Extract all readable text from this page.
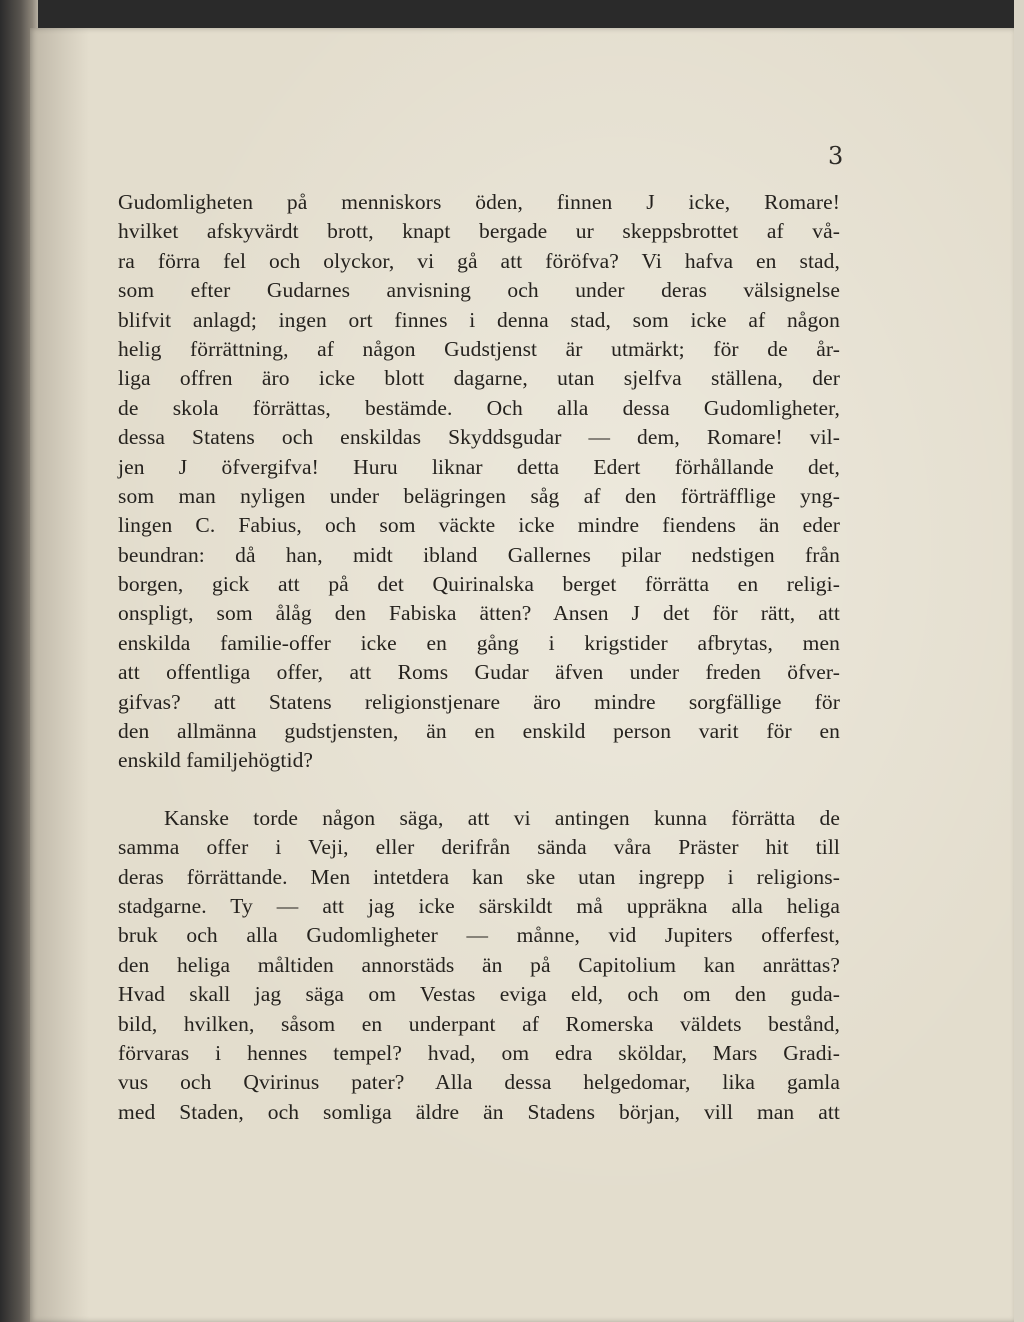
3

Gudomligheten på menniskors öden, finnen J icke, Romare!
hvilket afskyvärdt brott, knapt bergade ur skeppsbrottet af vå-
ra förra fel och olyckor, vi gå att föröfva? Vi hafva en stad,
som efter Gudarnes anvisning och under deras välsignelse
blifvit anlagd; ingen ort finnes i denna stad, som icke af någon
helig förrättning, af någon Gudstjenst är utmärkt; för de år-
liga offren äro icke blott dagarne, utan sjelfva ställena, der
de skola förrättas, bestämde. Och alla dessa Gudomligheter,
dessa Statens och enskildas Skyddsgudar — dem, Romare! vil-
jen J öfvergifva! Huru liknar detta Edert förhållande det,
som man nyligen under belägringen såg af den förträfflige yng-
lingen C. Fabius, och som väckte icke mindre fiendens än eder
beundran: då han, midt ibland Gallernes pilar nedstigen från
borgen, gick att på det Quirinalska berget förrätta en religi-
onspligt, som ålåg den Fabiska ätten? Ansen J det för rätt, att
enskilda familie-offer icke en gång i krigstider afbrytas, men
att offentliga offer, att Roms Gudar äfven under freden öfver-
gifvas? att Statens religionstjenare äro mindre sorgfällige för
den allmänna gudstjensten, än en enskild person varit för en
enskild familjehögtid?

Kanske torde någon säga, att vi antingen kunna förrätta de
samma offer i Veji, eller derifrån sända våra Präster hit till
deras förrättande. Men intetdera kan ske utan ingrepp i religions-
stadgarne. Ty — att jag icke särskildt må uppräkna alla heliga
bruk och alla Gudomligheter — månne, vid Jupiters offerfest,
den heliga måltiden annorstäds än på Capitolium kan anrättas?
Hvad skall jag säga om Vestas eviga eld, och om den guda-
bild, hvilken, såsom en underpant af Romerska väldets bestånd,
förvaras i hennes tempel? hvad, om edra sköldar, Mars Gradi-
vus och Qvirinus pater? Alla dessa helgedomar, lika gamla
med Staden, och somliga äldre än Stadens början, vill man att
